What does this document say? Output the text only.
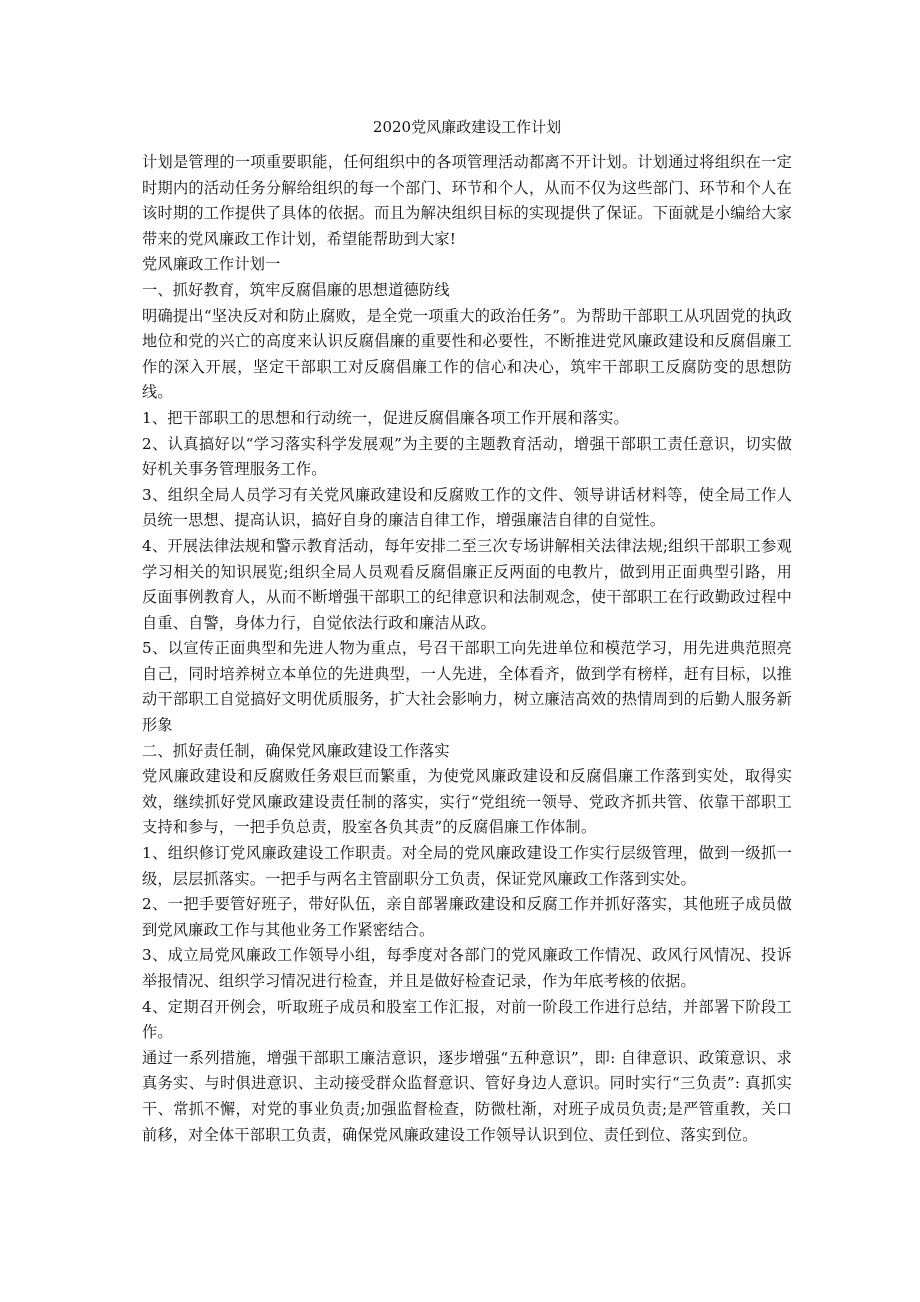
2020党风廉政建设工作计划

计划是管理的一项重要职能，任何组织中的各项管理活动都离不开计划。计划通过将组织在一定时期内的活动任务分解给组织的每一个部门、环节和个人，从而不仅为这些部门、环节和个人在该时期的工作提供了具体的依据。而且为解决组织目标的实现提供了保证。下面就是小编给大家带来的党风廉政工作计划，希望能帮助到大家!

党风廉政工作计划一

一、抓好教育，筑牢反腐倡廉的思想道德防线

明确提出“坚决反对和防止腐败，是全党一项重大的政治任务”。为帮助干部职工从巩固党的执政地位和党的兴亡的高度来认识反腐倡廉的重要性和必要性，不断推进党风廉政建设和反腐倡廉工作的深入开展，坚定干部职工对反腐倡廉工作的信心和决心，筑牢干部职工反腐防变的思想防线。

1、把干部职工的思想和行动统一，促进反腐倡廉各项工作开展和落实。

2、认真搞好以“学习落实科学发展观”为主要的主题教育活动，增强干部职工责任意识，切实做好机关事务管理服务工作。

3、组织全局人员学习有关党风廉政建设和反腐败工作的文件、领导讲话材料等，使全局工作人员统一思想、提高认识，搞好自身的廉洁自律工作，增强廉洁自律的自觉性。

4、开展法律法规和警示教育活动，每年安排二至三次专场讲解相关法律法规;组织干部职工参观学习相关的知识展览;组织全局人员观看反腐倡廉正反两面的电教片，做到用正面典型引路，用反面事例教育人，从而不断增强干部职工的纪律意识和法制观念，使干部职工在行政勤政过程中自重、自警，身体力行，自觉依法行政和廉洁从政。

5、以宣传正面典型和先进人物为重点，号召干部职工向先进单位和模范学习，用先进典范照亮自己，同时培养树立本单位的先进典型，一人先进，全体看齐，做到学有榜样，赶有目标，以推动干部职工自觉搞好文明优质服务，扩大社会影响力，树立廉洁高效的热情周到的后勤人服务新形象

二、抓好责任制，确保党风廉政建设工作落实

党风廉政建设和反腐败任务艰巨而繁重，为使党风廉政建设和反腐倡廉工作落到实处，取得实效，继续抓好党风廉政建设责任制的落实，实行“党组统一领导、党政齐抓共管、依靠干部职工支持和参与，一把手负总责，股室各负其责”的反腐倡廉工作体制。

1、组织修订党风廉政建设工作职责。对全局的党风廉政建设工作实行层级管理，做到一级抓一级，层层抓落实。一把手与两名主管副职分工负责，保证党风廉政工作落到实处。

2、一把手要管好班子，带好队伍，亲自部署廉政建设和反腐工作并抓好落实，其他班子成员做到党风廉政工作与其他业务工作紧密结合。

3、成立局党风廉政工作领导小组，每季度对各部门的党风廉政工作情况、政风行风情况、投诉举报情况、组织学习情况进行检查，并且是做好检查记录，作为年底考核的依据。

4、定期召开例会，听取班子成员和股室工作汇报，对前一阶段工作进行总结，并部署下阶段工作。

通过一系列措施，增强干部职工廉洁意识，逐步增强“五种意识”，即: 自律意识、政策意识、求真务实、与时俱进意识、主动接受群众监督意识、管好身边人意识。同时实行“三负责”: 真抓实干、常抓不懈，对党的事业负责;加强监督检查，防微杜渐，对班子成员负责;是严管重教，关口前移，对全体干部职工负责，确保党风廉政建设工作领导认识到位、责任到位、落实到位。
